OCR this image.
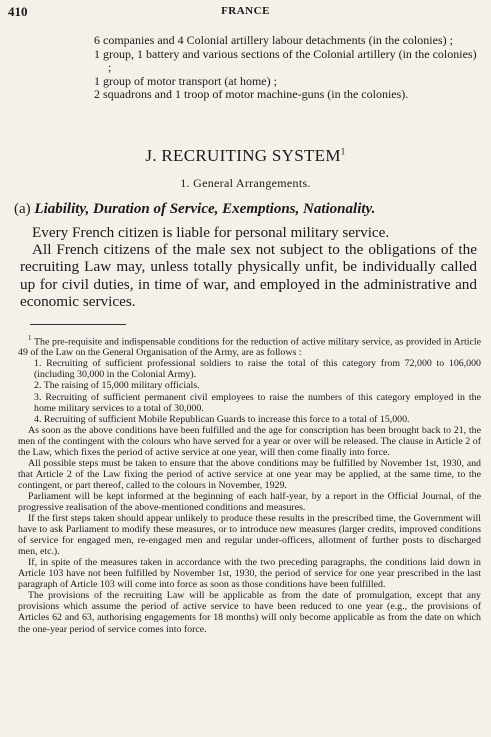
410	FRANCE

6 companies and 4 Colonial artillery labour detachments (in the colonies) ;

1 group, 1 battery and various sections of the Colonial artillery (in the colonies) ;

1 group of motor transport (at home) ;

2 squadrons and 1 troop of motor machine-guns (in the colonies).

J. RECRUITING SYSTEM$^1$
1. General Arrangements.
(a) Liability, Duration of Service, Exemptions, Nationality.

Every French citizen is liable for personal military service.

All French citizens of the male sex not subject to the obligations of the recruiting Law may, unless totally physically unfit, be individually called up for civil duties, in time of war, and employed in the administrative and economic services.

$^1$ The pre-requisite and indispensable conditions for the reduction of active military service, as provided in Article 49 of the Law on the General Organisation of the Army, are as follows :

1. Recruiting of sufficient professional soldiers to raise the total of this category from 72,000 to 106,000 (including 30,000 in the Colonial Army).

2. The raising of 15,000 military officials.

3. Recruiting of sufficient permanent civil employees to raise the numbers of this category employed in the home military services to a total of 30,000.

4. Recruiting of sufficient Mobile Republican Guards to increase this force to a total of 15,000.

As soon as the above conditions have been fulfilled and the age for conscription has been brought back to 21, the men of the contingent with the colours who have served for a year or over will be released. The clause in Article 2 of the Law, which fixes the period of active service at one year, will then come finally into force.

All possible steps must be taken to ensure that the above conditions may be fulfilled by November 1st, 1930, and that Article 2 of the Law fixing the period of active service at one year may be applied, at the same time, to the contingent, or part thereof, called to the colours in November, 1929.

Parliament will be kept informed at the beginning of each half-year, by a report in the Official Journal, of the progressive realisation of the above-mentioned conditions and measures.

If the first steps taken should appear unlikely to produce these results in the prescribed time, the Government will have to ask Parliament to modify these measures, or to introduce new measures (larger credits, improved conditions of service for engaged men, re-engaged men and regular under-officers, allotment of further posts to discharged men, etc.).

If, in spite of the measures taken in accordance with the two preceding paragraphs, the conditions laid down in Article 103 have not been fulfilled by November 1st, 1930, the period of service for one year prescribed in the last paragraph of Article 103 will come into force as soon as those conditions have been fulfilled.

The provisions of the recruiting Law will be applicable as from the date of promulgation, except that any provisions which assume the period of active service to have been reduced to one year (e.g., the provisions of Articles 62 and 63, authorising engagements for 18 months) will only become applicable as from the date on which the one-year period of service comes into force.
